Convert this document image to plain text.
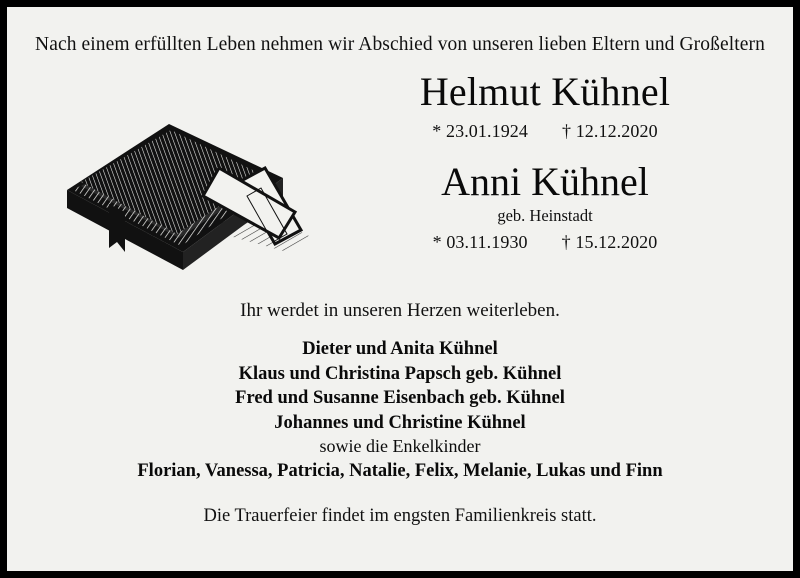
Nach einem erfüllten Leben nehmen wir Abschied von unseren lieben Eltern und Großeltern
Helmut Kühnel
* 23.01.1924 † 12.12.2020
Anni Kühnel
geb. Heinstadt
* 03.11.1930 † 15.12.2020
Ihr werdet in unseren Herzen weiterleben.
Dieter und Anita Kühnel
Klaus und Christina Papsch geb. Kühnel
Fred und Susanne Eisenbach geb. Kühnel
Johannes und Christine Kühnel
sowie die Enkelkinder
Florian, Vanessa, Patricia, Natalie, Felix, Melanie, Lukas und Finn
Die Trauerfeier findet im engsten Familienkreis statt.
